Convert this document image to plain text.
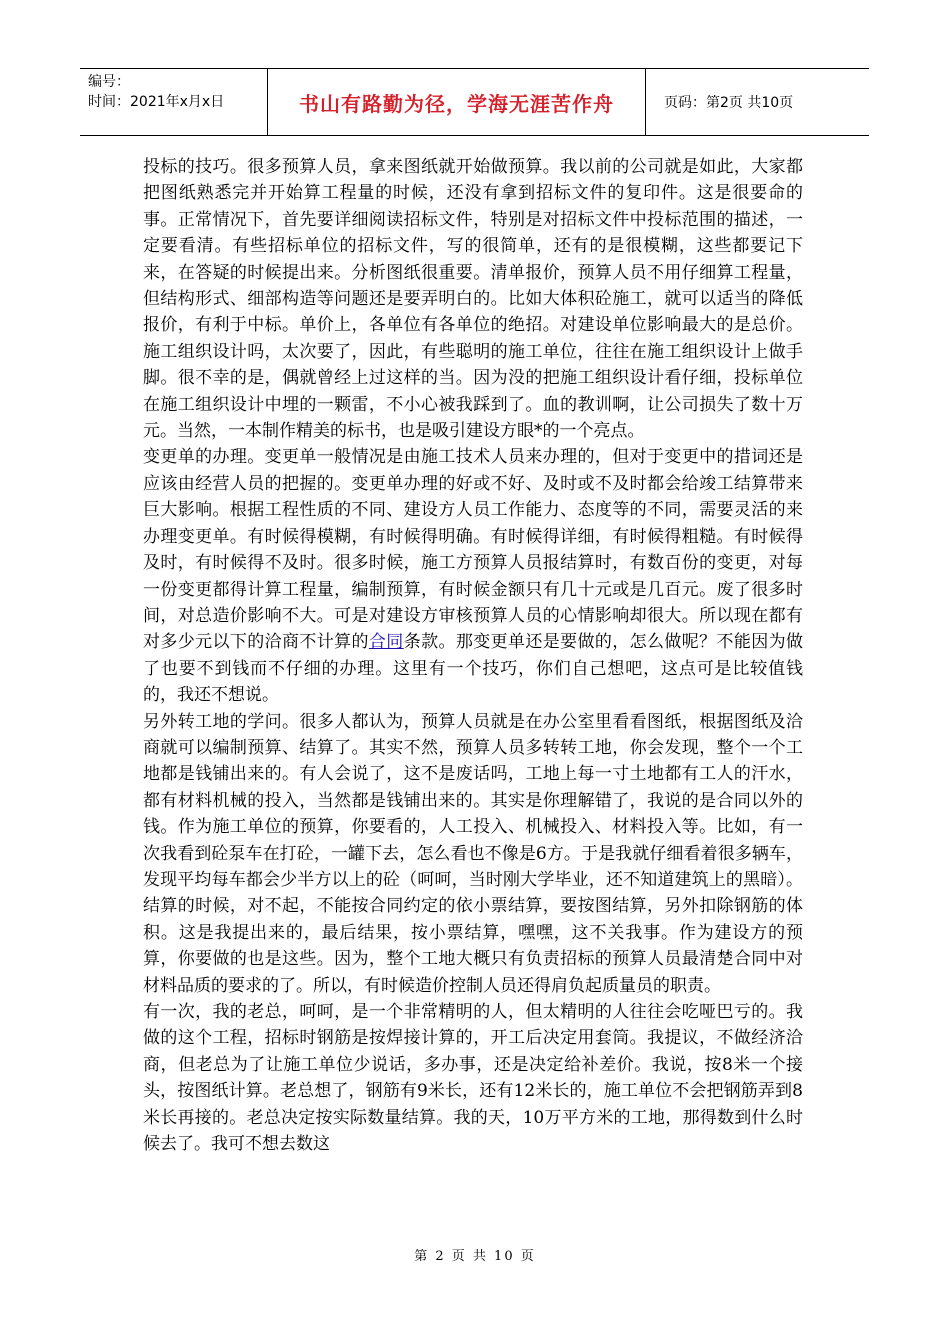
编号：
时间：2021年x月x日	书山有路勤为径，学海无涯苦作舟	页码：第2页 共10页

投标的技巧。很多预算人员，拿来图纸就开始做预算。我以前的公司就是如此，大家都把图纸熟悉完并开始算工程量的时候，还没有拿到招标文件的复印件。这是很要命的事。正常情况下，首先要详细阅读招标文件，特别是对招标文件中投标范围的描述，一定要看清。有些招标单位的招标文件，写的很简单，还有的是很模糊，这些都要记下来，在答疑的时候提出来。分析图纸很重要。清单报价，预算人员不用仔细算工程量，但结构形式、细部构造等问题还是要弄明白的。比如大体积砼施工，就可以适当的降低报价，有利于中标。单价上，各单位有各单位的绝招。对建设单位影响最大的是总价。施工组织设计吗，太次要了，因此，有些聪明的施工单位，往往在施工组织设计上做手脚。很不幸的是，偶就曾经上过这样的当。因为没的把施工组织设计看仔细，投标单位在施工组织设计中埋的一颗雷，不小心被我踩到了。血的教训啊，让公司损失了数十万元。当然，一本制作精美的标书，也是吸引建设方眼*的一个亮点。

变更单的办理。变更单一般情况是由施工技术人员来办理的，但对于变更中的措词还是应该由经营人员的把握的。变更单办理的好或不好、及时或不及时都会给竣工结算带来巨大影响。根据工程性质的不同、建设方人员工作能力、态度等的不同，需要灵活的来办理变更单。有时候得模糊，有时候得明确。有时候得详细，有时候得粗糙。有时候得及时，有时候得不及时。很多时候，施工方预算人员报结算时，有数百份的变更，对每一份变更都得计算工程量，编制预算，有时候金额只有几十元或是几百元。废了很多时间，对总造价影响不大。可是对建设方审核预算人员的心情影响却很大。所以现在都有对多少元以下的洽商不计算的合同条款。那变更单还是要做的，怎么做呢？不能因为做了也要不到钱而不仔细的办理。这里有一个技巧，你们自己想吧，这点可是比较值钱的，我还不想说。

另外转工地的学问。很多人都认为，预算人员就是在办公室里看看图纸，根据图纸及洽商就可以编制预算、结算了。其实不然，预算人员多转转工地，你会发现，整个一个工地都是钱铺出来的。有人会说了，这不是废话吗，工地上每一寸土地都有工人的汗水，都有材料机械的投入，当然都是钱铺出来的。其实是你理解错了，我说的是合同以外的钱。作为施工单位的预算，你要看的，人工投入、机械投入、材料投入等。比如，有一次我看到砼泵车在打砼，一罐下去，怎么看也不像是6方。于是我就仔细看着很多辆车，发现平均每车都会少半方以上的砼（呵呵，当时刚大学毕业，还不知道建筑上的黑暗）。结算的时候，对不起，不能按合同约定的依小票结算，要按图结算，另外扣除钢筋的体积。这是我提出来的，最后结果，按小票结算，嘿嘿，这不关我事。作为建设方的预算，你要做的也是这些。因为，整个工地大概只有负责招标的预算人员最清楚合同中对材料品质的要求的了。所以，有时候造价控制人员还得肩负起质量员的职责。

有一次，我的老总，呵呵，是一个非常精明的人，但太精明的人往往会吃哑巴亏的。我做的这个工程，招标时钢筋是按焊接计算的，开工后决定用套筒。我提议，不做经济洽商，但老总为了让施工单位少说话，多办事，还是决定给补差价。我说，按8米一个接头，按图纸计算。老总想了，钢筋有9米长，还有12米长的，施工单位不会把钢筋弄到8米长再接的。老总决定按实际数量结算。我的天，10万平方米的工地，那得数到什么时候去了。我可不想去数这

第 2 页 共 10 页
